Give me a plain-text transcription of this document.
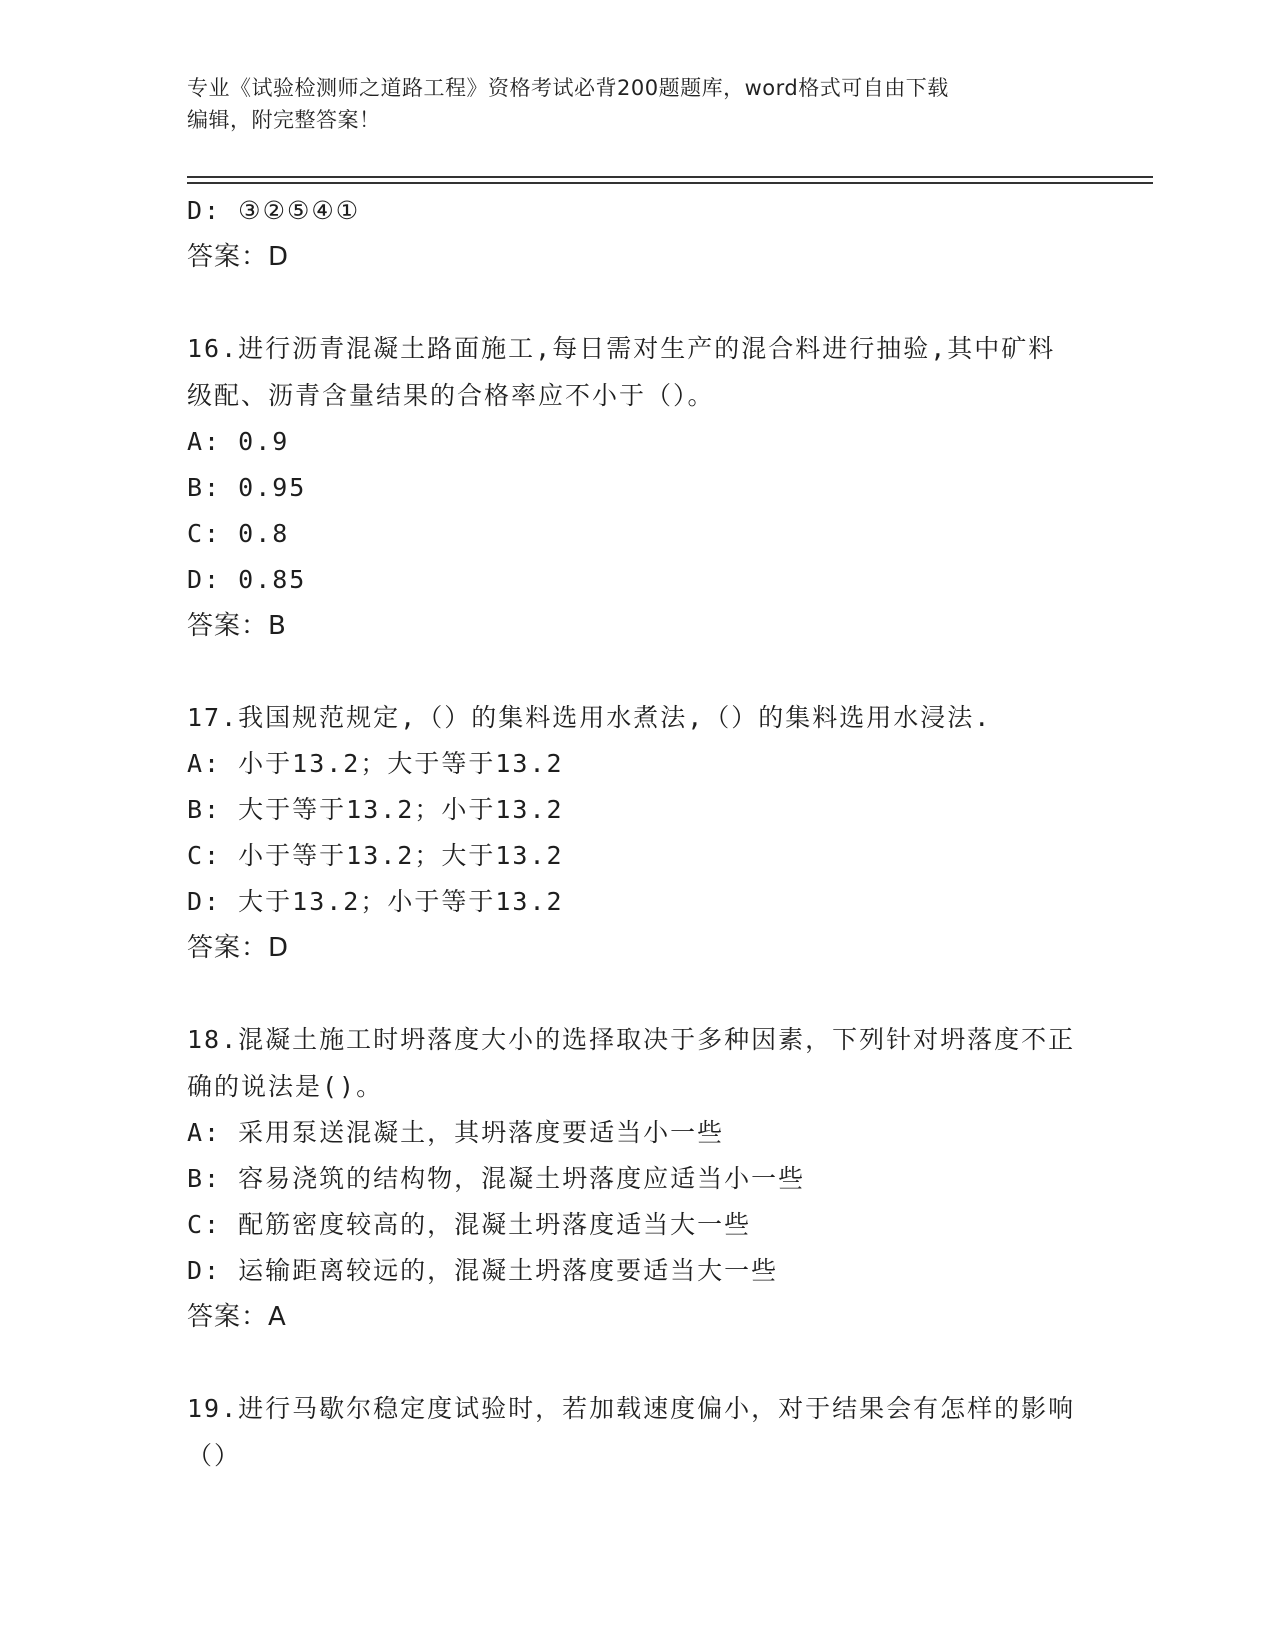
专业《试验检测师之道路工程》资格考试必背200题题库，word格式可自由下载
编辑，附完整答案！
D: ③②⑤④①
答案：D
16.进行沥青混凝土路面施工,每日需对生产的混合料进行抽验,其中矿料级配、沥青含量结果的合格率应不小于（）。
A: 0.9
B: 0.95
C: 0.8
D: 0.85
答案：B
17.我国规范规定,（）的集料选用水煮法,（）的集料选用水浸法.
A: 小于13.2；大于等于13.2
B: 大于等于13.2；小于13.2
C: 小于等于13.2；大于13.2
D: 大于13.2；小于等于13.2
答案：D
18.混凝土施工时坍落度大小的选择取决于多种因素，下列针对坍落度不正确的说法是()。
A: 采用泵送混凝土，其坍落度要适当小一些
B: 容易浇筑的结构物，混凝土坍落度应适当小一些
C: 配筋密度较高的，混凝土坍落度适当大一些
D: 运输距离较远的，混凝土坍落度要适当大一些
答案：A
19.进行马歇尔稳定度试验时，若加载速度偏小，对于结果会有怎样的影响（）
